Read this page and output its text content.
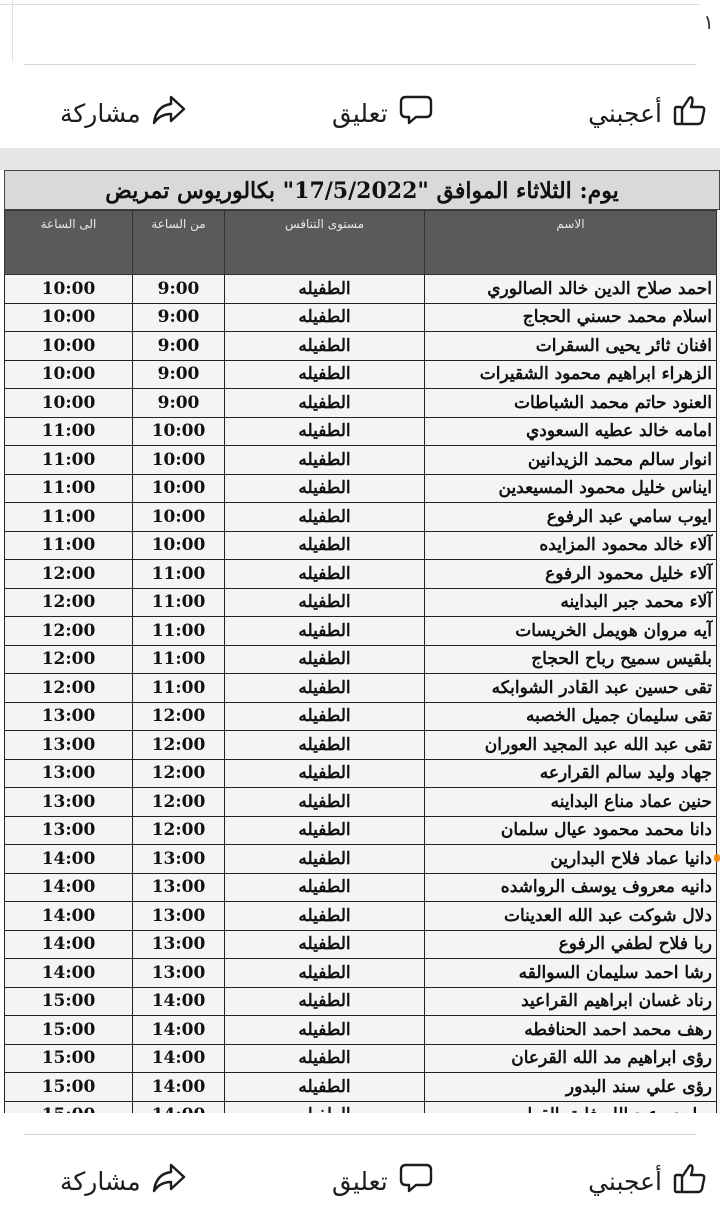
١
أعجبني
تعليق
مشاركة
يوم: الثلاثاء الموافق "17/5/2022" بكالوريوس تمريض
الاسم	مستوى التنافس	من الساعة	الى الساعة
احمد صلاح الدين خالد الصالوري	الطفيله	9:00	10:00
اسلام محمد حسني الحجاج	الطفيله	9:00	10:00
افنان ثائر يحيى السقرات	الطفيله	9:00	10:00
الزهراء ابراهيم محمود الشقيرات	الطفيله	9:00	10:00
العنود حاتم محمد الشباطات	الطفيله	9:00	10:00
امامه خالد عطيه السعودي	الطفيله	10:00	11:00
انوار سالم محمد الزيدانين	الطفيله	10:00	11:00
ايناس خليل محمود المسيعدين	الطفيله	10:00	11:00
ايوب سامي عبد الرفوع	الطفيله	10:00	11:00
آلاء خالد محمود المزايده	الطفيله	10:00	11:00
آلاء خليل محمود الرفوع	الطفيله	11:00	12:00
آلاء محمد جبر البداينه	الطفيله	11:00	12:00
آيه مروان هويمل الخريسات	الطفيله	11:00	12:00
بلقيس سميح رباح الحجاج	الطفيله	11:00	12:00
تقى حسين عبد القادر الشوابكه	الطفيله	11:00	12:00
تقى سليمان جميل الخصبه	الطفيله	12:00	13:00
تقى عبد الله عبد المجيد العوران	الطفيله	12:00	13:00
جهاد وليد سالم القرارعه	الطفيله	12:00	13:00
حنين عماد مناع البداينه	الطفيله	12:00	13:00
دانا محمد محمود عيال سلمان	الطفيله	12:00	13:00
دانيا عماد فلاح البدارين	الطفيله	13:00	14:00
دانيه معروف يوسف الرواشده	الطفيله	13:00	14:00
دلال شوكت عبد الله العدينات	الطفيله	13:00	14:00
ربا فلاح لطفي الرفوع	الطفيله	13:00	14:00
رشا احمد سليمان السوالقه	الطفيله	13:00	14:00
رناد غسان ابراهيم القراعيد	الطفيله	14:00	15:00
رهف محمد احمد الحنافطه	الطفيله	14:00	15:00
رؤى ابراهيم مد الله القرعان	الطفيله	14:00	15:00
رؤى علي سند البدور	الطفيله	14:00	15:00

أعجبني
تعليق
مشاركة
